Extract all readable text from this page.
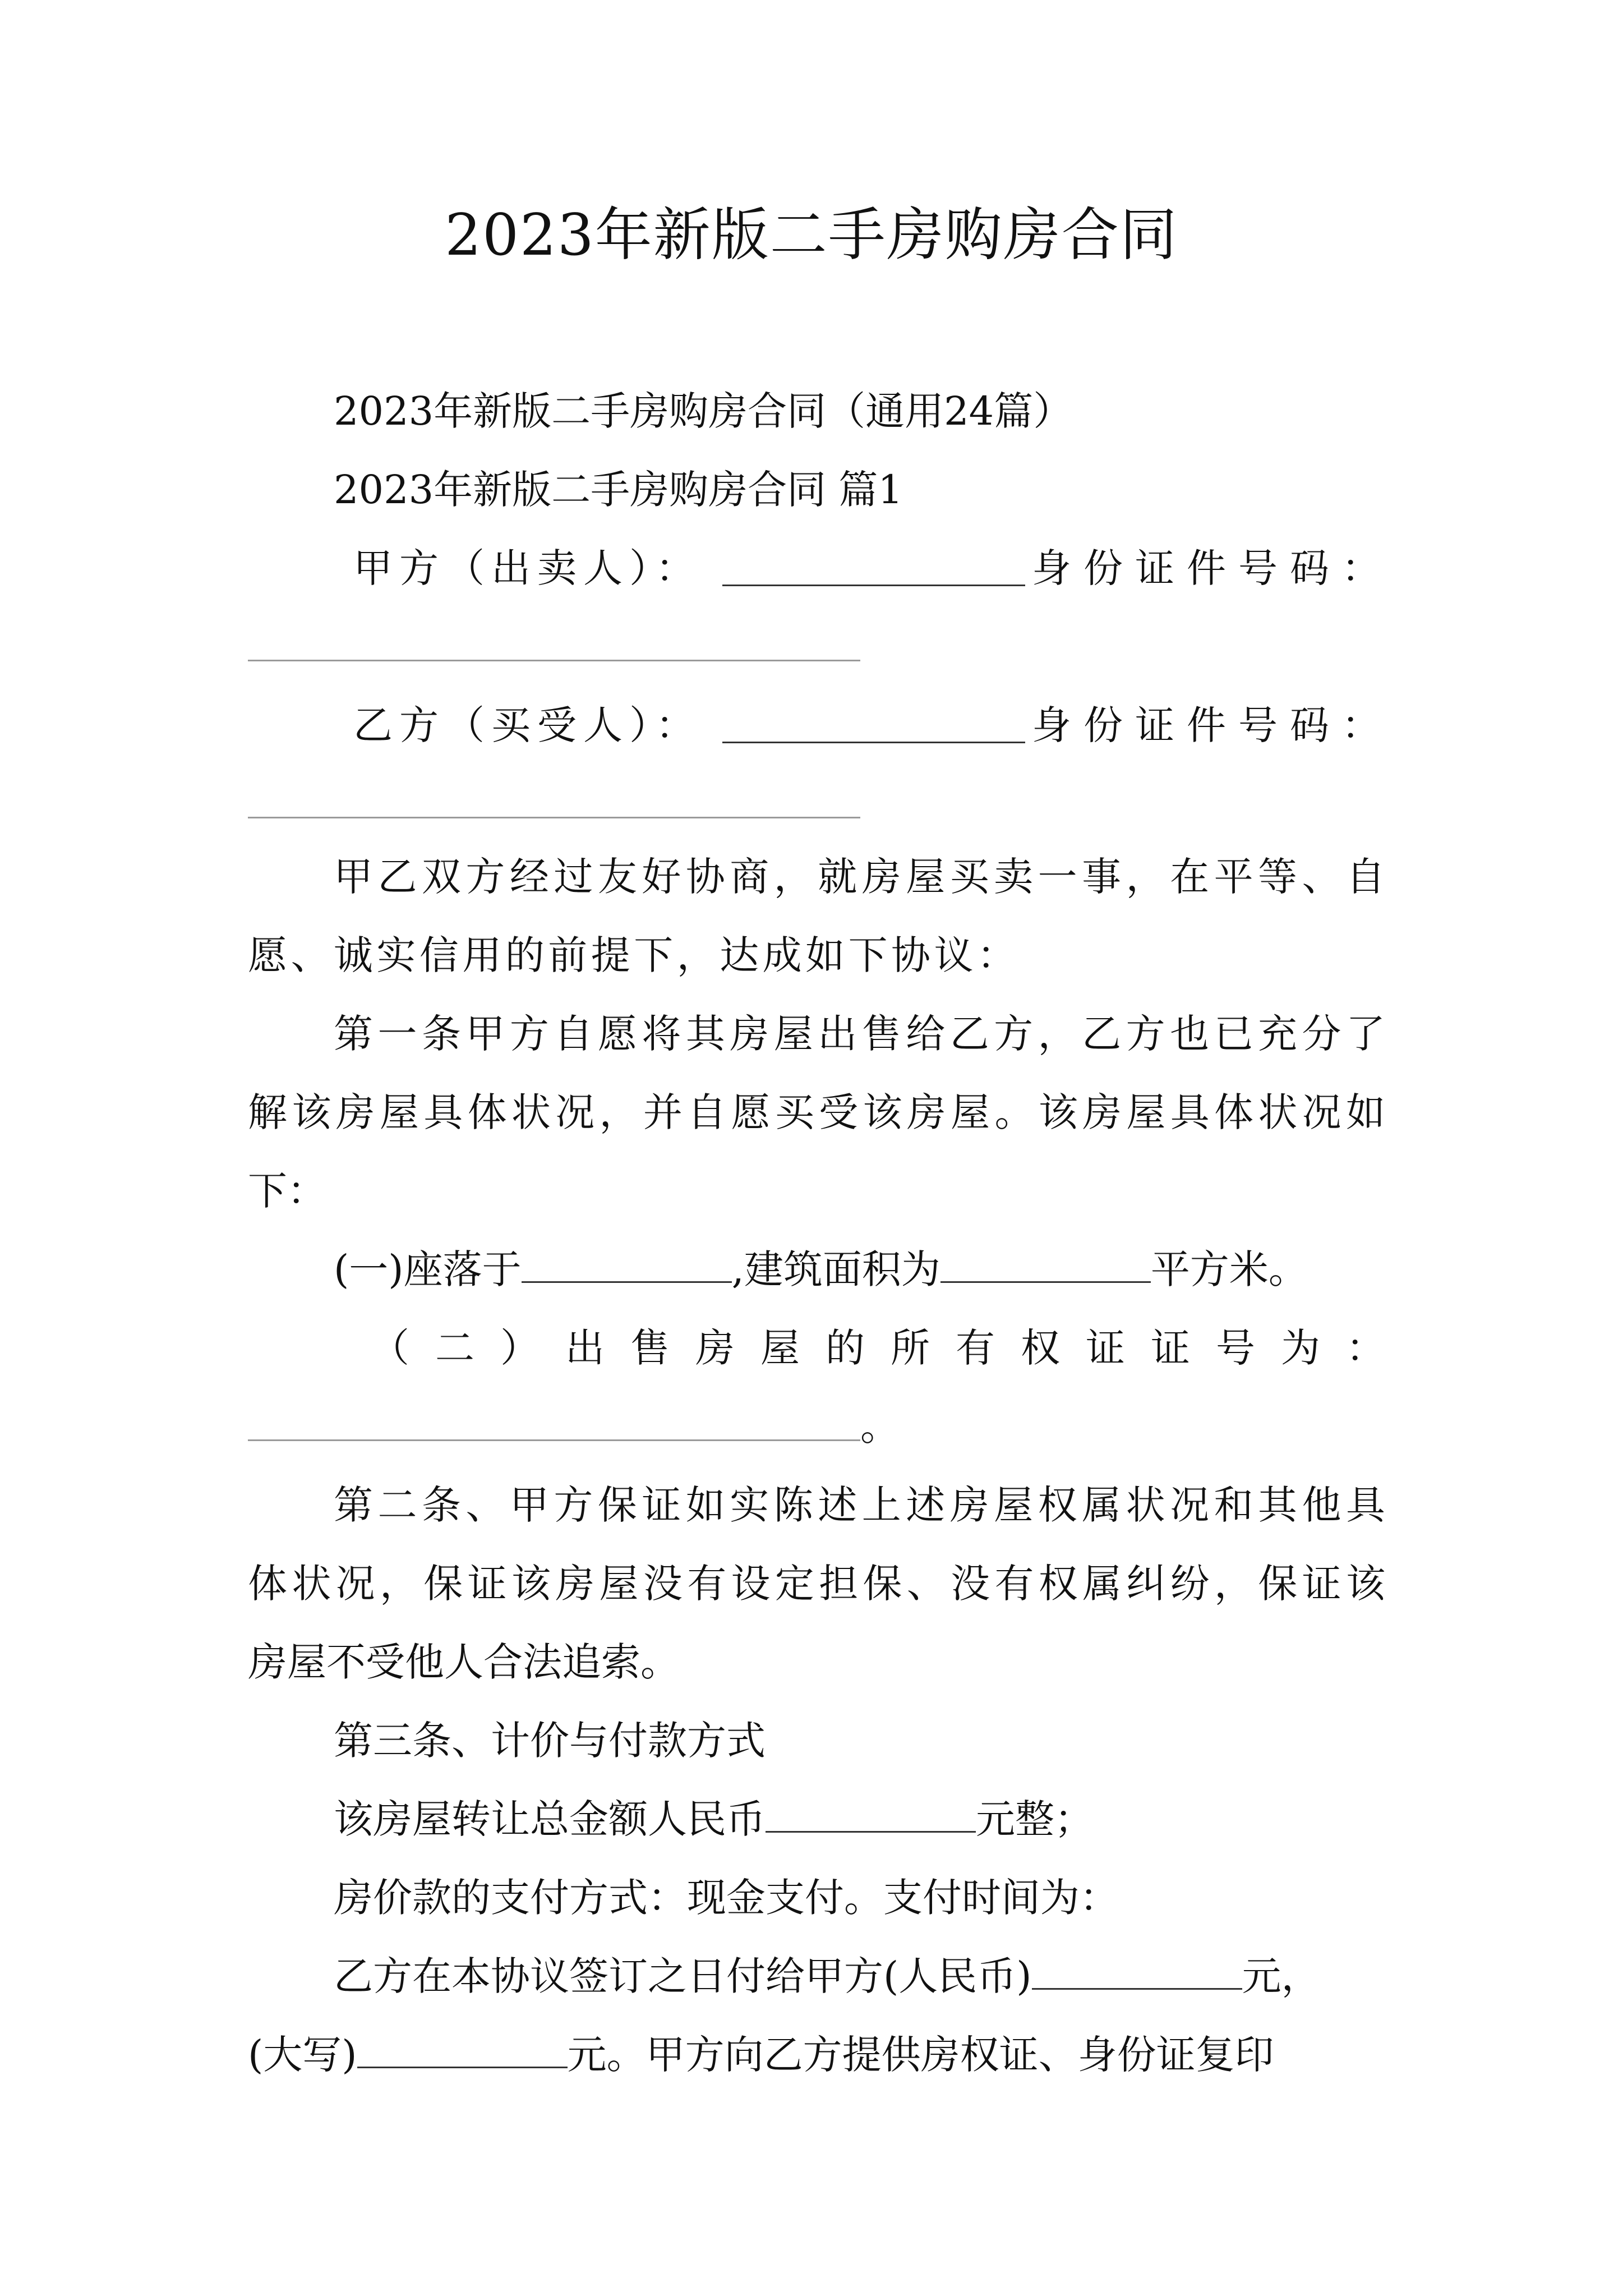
2023年新版二手房购房合同
2023年新版二手房购房合同（通用24篇）
2023年新版二手房购房合同 篇1
甲方（出卖人）：	身份证件号码：
乙方（买受人）：	身份证件号码：
甲乙双方经过友好协商，就房屋买卖一事，在平等、自
愿、诚实信用的前提下，达成如下协议：
第一条甲方自愿将其房屋出售给乙方，乙方也已充分了
解该房屋具体状况，并自愿买受该房屋。该房屋具体状况如
下：
(一)座落于	,建筑面积为	平方米。
（二）出售房屋的所有权证证号为：
。
第二条、甲方保证如实陈述上述房屋权属状况和其他具
体状况，保证该房屋没有设定担保、没有权属纠纷，保证该
房屋不受他人合法追索。
第三条、计价与付款方式
该房屋转让总金额人民币	元整；
房价款的支付方式：现金支付。支付时间为：
乙方在本协议签订之日付给甲方(人民币)	元，
(大写)	元。甲方向乙方提供房权证、身份证复印
